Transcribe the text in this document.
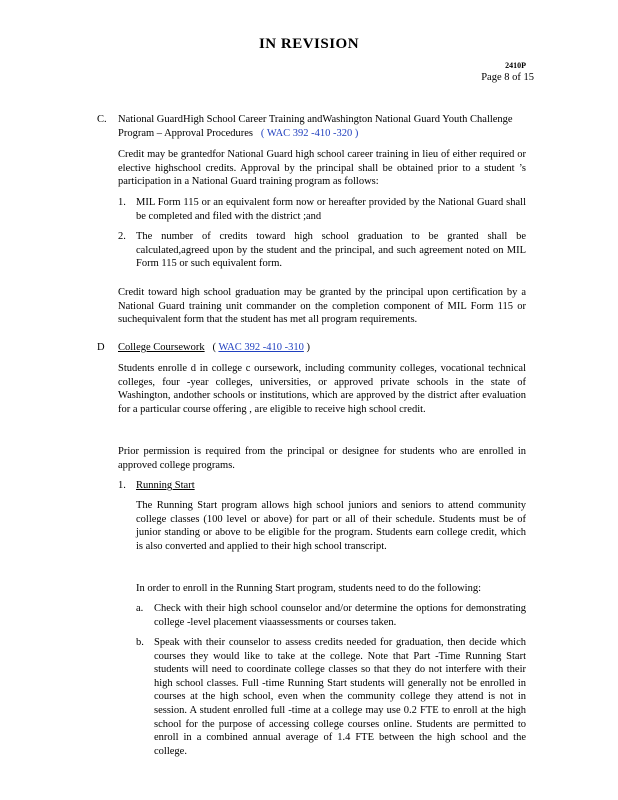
IN REVISION
2410P
Page 8 of 15
C. National GuardHigh School Career Training andWashington National Guard Youth Challenge Program – Approval Procedures ( WAC 392 -410 -320 )

Credit may be grantedfor National Guard high school career training in lieu of either required or elective highschool credits. Approval by the principal shall be obtained prior to a student ’s participation in a National Guard training program as follows:

1. MIL Form 115 or an equivalent form now or hereafter provided by the National Guard shall be completed and filed with the district ;and

2. The number of credits toward high school graduation to be granted shall be calculated,agreed upon by the student and the principal, and such agreement noted on MIL Form 115 or such equivalent form.

Credit toward high school graduation may be granted by the principal upon certification by a National Guard training unit commander on the completion component of MIL Form 115 or suchequivalent form that the student has met all program requirements.

D College Coursework ( WAC 392 -410 -310 )

Students enrolle d in college c oursework, including community colleges, vocational technical colleges, four -year colleges, universities, or approved private schools in the state of Washington, andother schools or institutions, which are approved by the district after evaluation for a particular course offering , are eligible to receive high school credit.

Prior permission is required from the principal or designee for students who are enrolled in approved college programs.

1. Running Start

The Running Start program allows high school juniors and seniors to attend community college classes (100 level or above) for part or all of their schedule. Students must be of junior standing or above to be eligible for the program. Students earn college credit, which is also converted and applied to their high school transcript.

In order to enroll in the Running Start program, students need to do the following:

a. Check with their high school counselor and/or determine the options for demonstrating college -level placement viaassessments or courses taken.

b. Speak with their counselor to assess credits needed for graduation, then decide which courses they would like to take at the college. Note that Part -Time Running Start students will need to coordinate college classes so that they do not interfere with their high school classes. Full -time Running Start students will generally not be enrolled in courses at the high school, even when the community college they attend is not in session. A student enrolled full -time at a college may use 0.2 FTE to enroll at the high school for the purpose of accessing college courses online. Students are permitted to enroll in a combined annual average of 1.4 FTE between the high school and the college.
